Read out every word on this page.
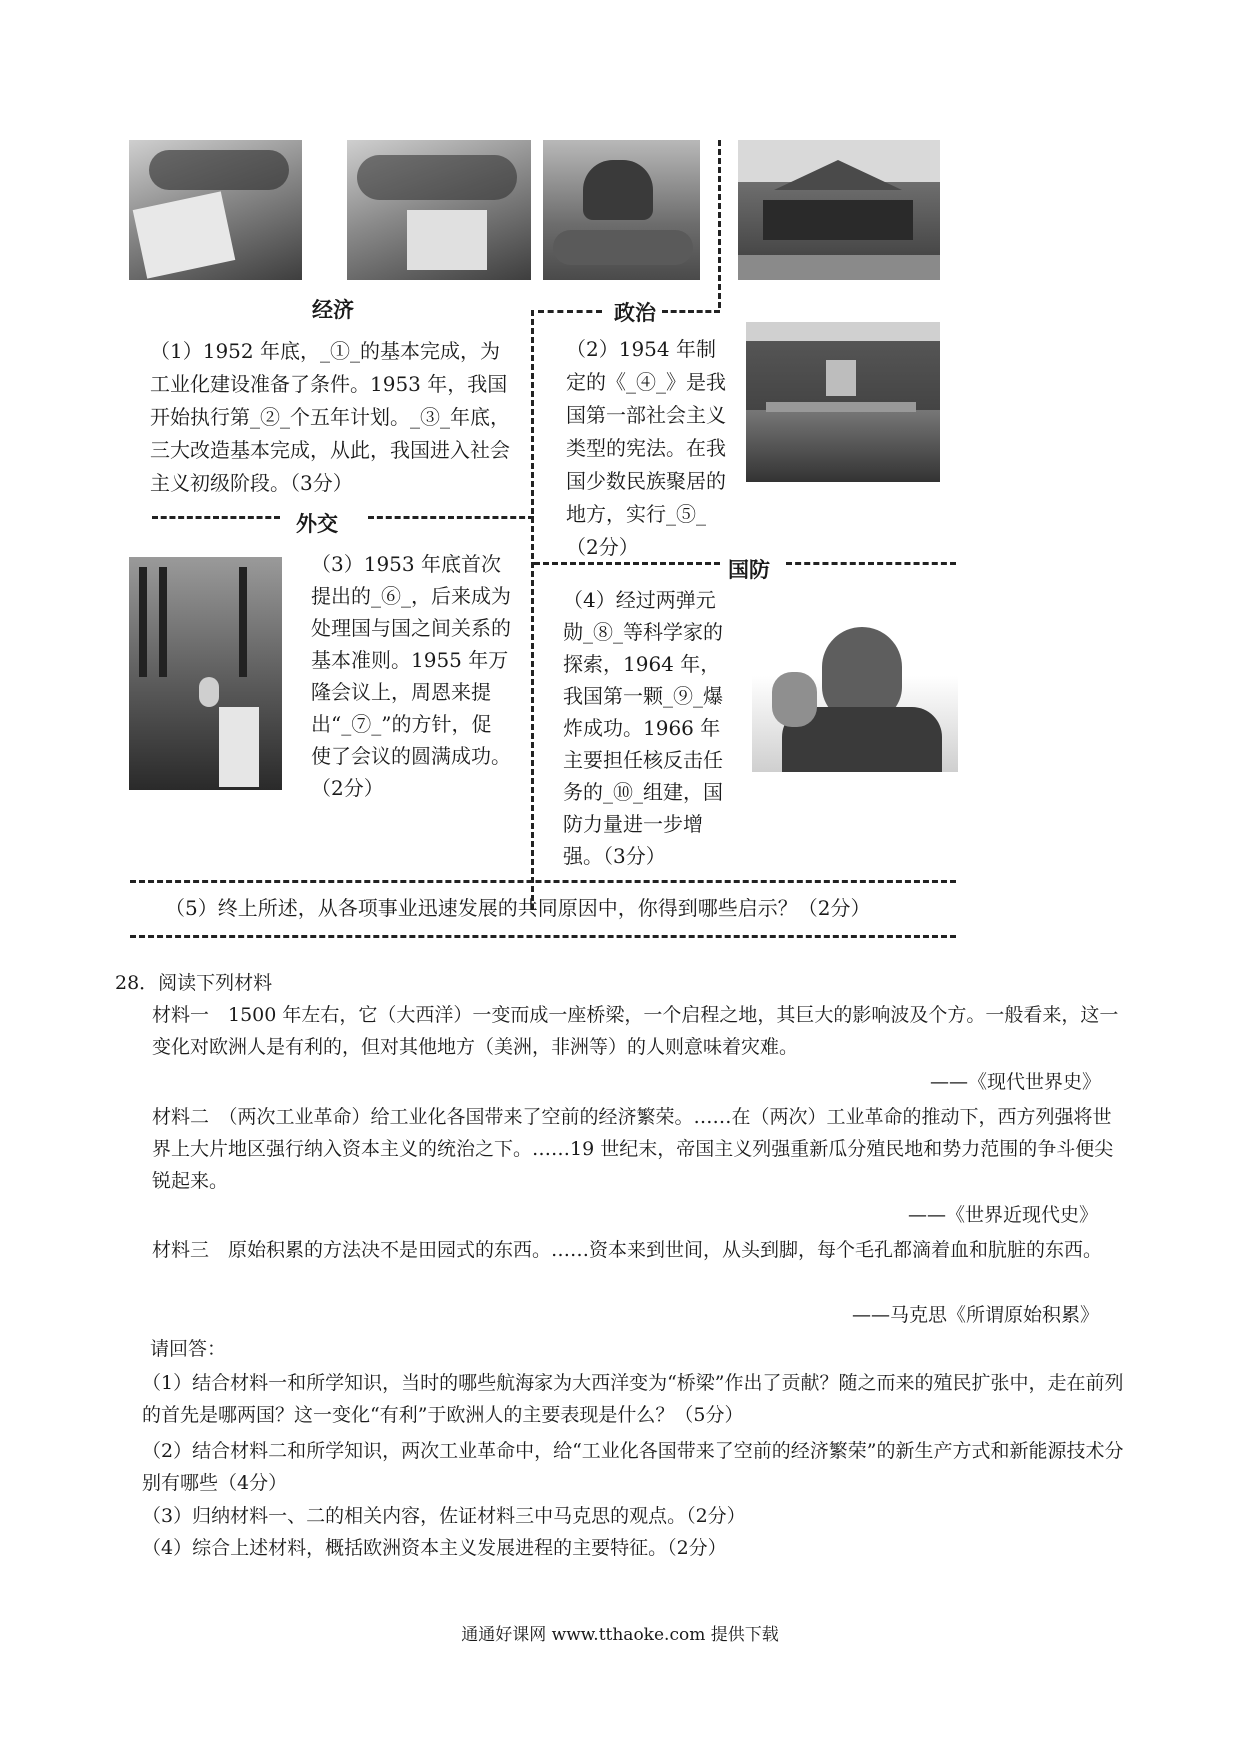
经济
（1）1952 年底，_①_的基本完成，为工业化建设准备了条件。1953 年，我国开始执行第_②_个五年计划。_③_年底，三大改造基本完成，从此，我国进入社会主义初级阶段。（3分）
政治
（2）1954 年制定的《_④_》是我国第一部社会主义类型的宪法。在我国少数民族聚居的地方，实行_⑤_（2分）
外交
（3）1953 年底首次提出的_⑥_，后来成为处理国与国之间关系的基本准则。1955 年万隆会议上，周恩来提出“_⑦_”的方针，促使了会议的圆满成功。（2分）
国防
（4）经过两弹元勋_⑧_等科学家的探索，1964 年，我国第一颗_⑨_爆炸成功。1966 年主要担任核反击任务的_⑩_组建，国防力量进一步增强。（3分）
（5）终上所述，从各项事业迅速发展的共同原因中，你得到哪些启示？（2分）

28．阅读下列材料

材料一　1500 年左右，它（大西洋）一变而成一座桥梁，一个启程之地，其巨大的影响波及个方。一般看来，这一变化对欧洲人是有利的，但对其他地方（美洲，非洲等）的人则意味着灾难。
——《现代世界史》
材料二　（两次工业革命）给工业化各国带来了空前的经济繁荣。……在（两次）工业革命的推动下，西方列强将世界上大片地区强行纳入资本主义的统治之下。……19 世纪末，帝国主义列强重新瓜分殖民地和势力范围的争斗便尖锐起来。
——《世界近现代史》
材料三　原始积累的方法决不是田园式的东西。……资本来到世间，从头到脚，每个毛孔都滴着血和肮脏的东西。
——马克思《所谓原始积累》
请回答：
（1）结合材料一和所学知识，当时的哪些航海家为大西洋变为“桥梁”作出了贡献？随之而来的殖民扩张中，走在前列的首先是哪两国？这一变化“有利”于欧洲人的主要表现是什么？（5分）
（2）结合材料二和所学知识，两次工业革命中，给“工业化各国带来了空前的经济繁荣”的新生产方式和新能源技术分别有哪些（4分）
（3）归纳材料一、二的相关内容，佐证材料三中马克思的观点。（2分）
（4）综合上述材料，概括欧洲资本主义发展进程的主要特征。（2分）
通通好课网 www.tthaoke.com 提供下载
